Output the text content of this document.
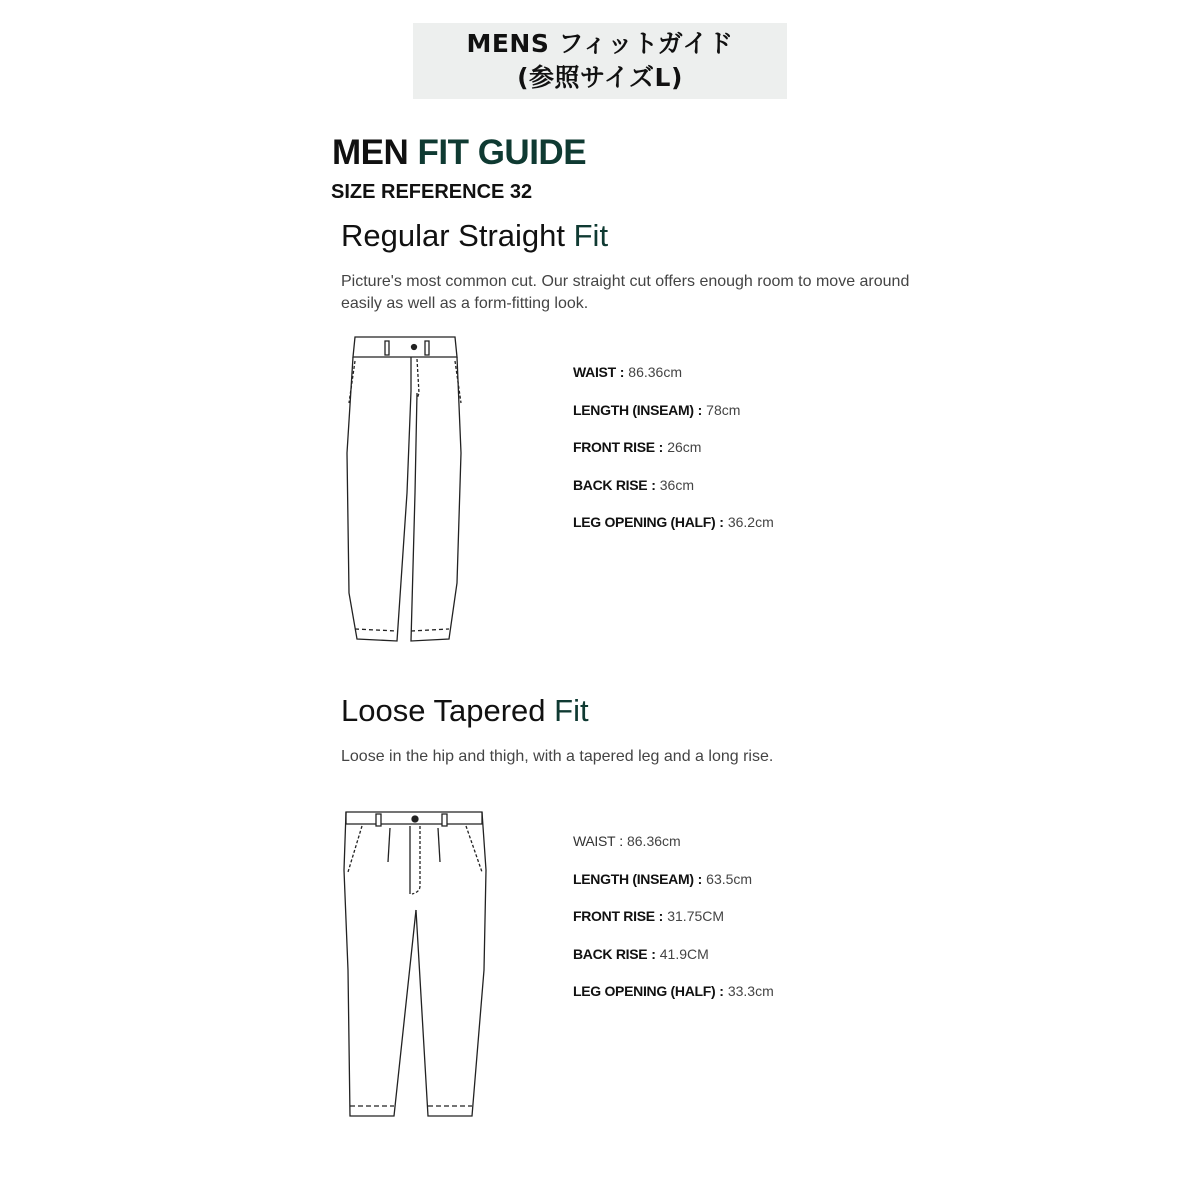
MENS フィットガイド
(参照サイズL)
MEN FIT GUIDE
SIZE REFERENCE 32
Regular Straight Fit
Picture's most common cut. Our straight cut offers enough room to move around easily as well as a form-fitting look.
WAIST : 86.36cm
LENGTH (INSEAM) : 78cm
FRONT RISE : 26cm
BACK RISE : 36cm
LEG OPENING (HALF) : 36.2cm
Loose Tapered Fit
Loose in the hip and thigh, with a tapered leg and a long rise.
WAIST : 86.36cm
LENGTH (INSEAM) : 63.5cm
FRONT RISE : 31.75CM
BACK RISE : 41.9CM
LEG OPENING (HALF) : 33.3cm
